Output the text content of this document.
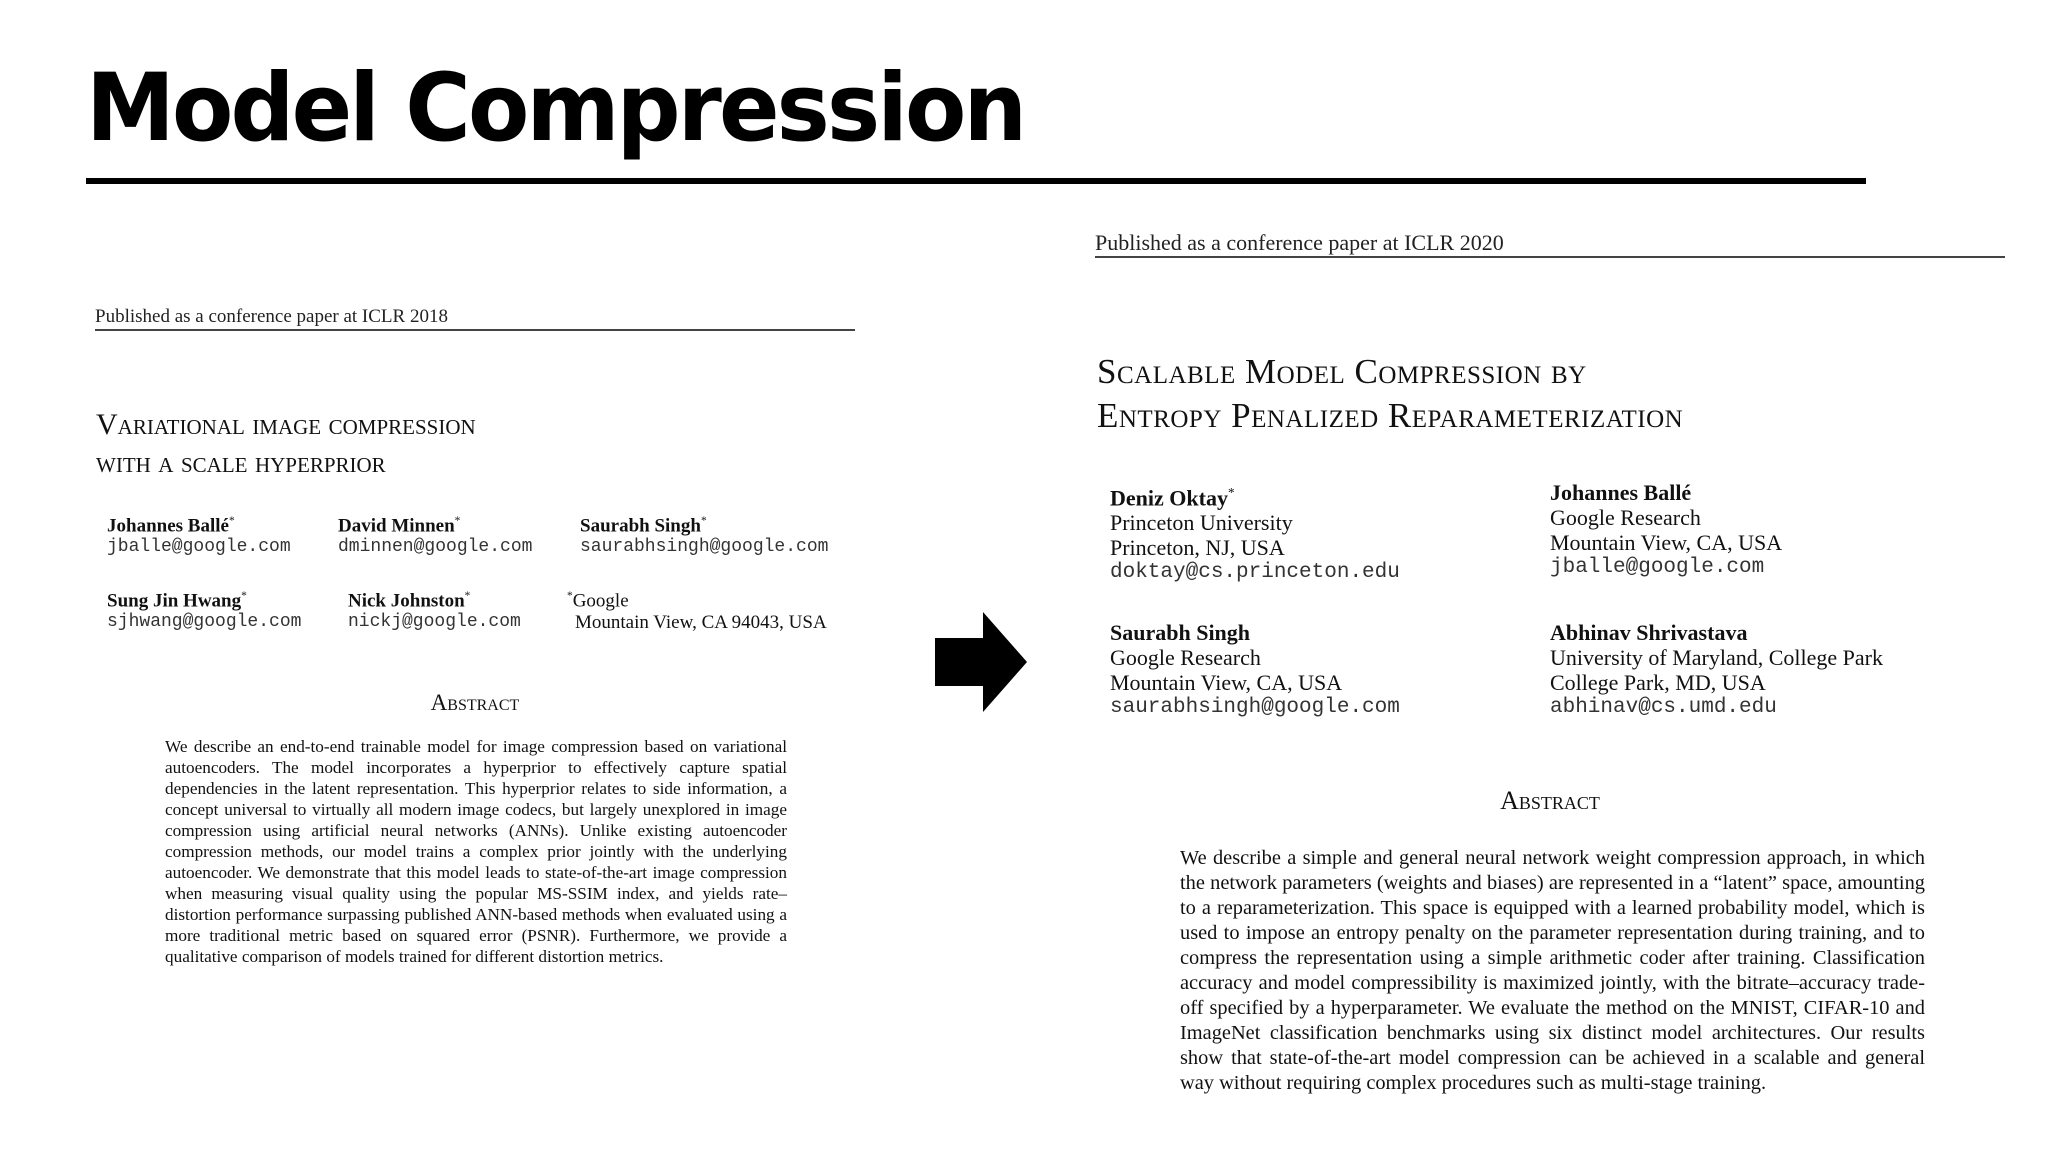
Model Compression
Published as a conference paper at ICLR 2018
Variational image compression
with a scale hyperprior
Johannes Ballé*
jballe@google.com
David Minnen*
dminnen@google.com
Saurabh Singh*
saurabhsingh@google.com
Sung Jin Hwang*
sjhwang@google.com
Nick Johnston*
nickj@google.com
*Google
Mountain View, CA 94043, USA
Abstract
We describe an end-to-end trainable model for image compression based on variational autoencoders. The model incorporates a hyperprior to effectively capture spatial dependencies in the latent representation. This hyperprior relates to side information, a concept universal to virtually all modern image codecs, but largely unexplored in image compression using artificial neural networks (ANNs). Unlike existing autoencoder compression methods, our model trains a complex prior jointly with the underlying autoencoder. We demonstrate that this model leads to state-of-the-art image compression when measuring visual quality using the popular MS-SSIM index, and yields rate–distortion performance surpassing published ANN-based methods when evaluated using a more traditional metric based on squared error (PSNR). Furthermore, we provide a qualitative comparison of models trained for different distortion metrics.
Published as a conference paper at ICLR 2020
Scalable Model Compression by
Entropy Penalized Reparameterization
Deniz Oktay*
Princeton University
Princeton, NJ, USA
doktay@cs.princeton.edu
Johannes Ballé
Google Research
Mountain View, CA, USA
jballe@google.com
Saurabh Singh
Google Research
Mountain View, CA, USA
saurabhsingh@google.com
Abhinav Shrivastava
University of Maryland, College Park
College Park, MD, USA
abhinav@cs.umd.edu
Abstract
We describe a simple and general neural network weight compression approach, in which the network parameters (weights and biases) are represented in a “latent” space, amounting to a reparameterization. This space is equipped with a learned probability model, which is used to impose an entropy penalty on the parameter representation during training, and to compress the representation using a simple arithmetic coder after training. Classification accuracy and model compressibility is maximized jointly, with the bitrate–accuracy trade-off specified by a hyperparameter. We evaluate the method on the MNIST, CIFAR-10 and ImageNet classification benchmarks using six distinct model architectures. Our results show that state-of-the-art model compression can be achieved in a scalable and general way without requiring complex procedures such as multi-stage training.
